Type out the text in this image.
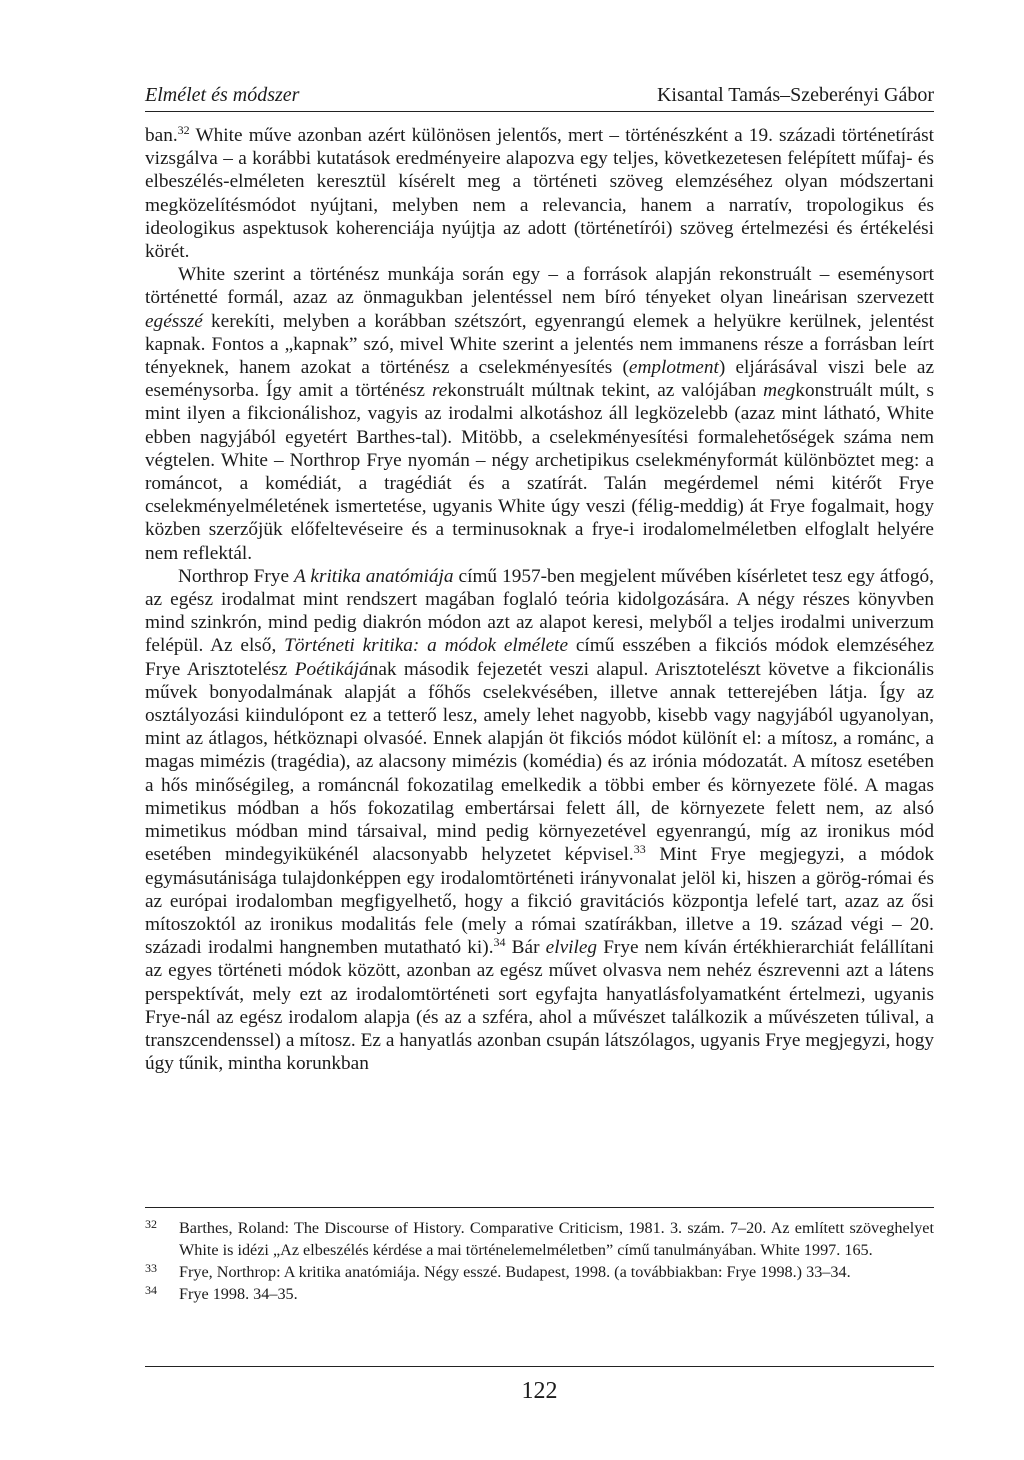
Elmélet és módszer	Kisantal Tamás–Szeberényi Gábor

ban.$^{32}$ White műve azonban azért különösen jelentős, mert – történészként a 19. századi történetírást vizsgálva – a korábbi kutatások eredményeire alapozva egy teljes, következetesen felépített műfaj- és elbeszélés-elméleten keresztül kísérelt meg a történeti szöveg elemzéséhez olyan módszertani megközelítésmódot nyújtani, melyben nem a relevancia, hanem a narratív, tropologikus és ideologikus aspektusok koherenciája nyújtja az adott (történetírói) szöveg értelmezési és értékelési körét.

White szerint a történész munkája során egy – a források alapján rekonstruált – eseménysort történetté formál, azaz az önmagukban jelentéssel nem bíró tényeket olyan lineárisan szervezett egésszé kerekíti, melyben a korábban szétszórt, egyenrangú elemek a helyükre kerülnek, jelentést kapnak. Fontos a „kapnak” szó, mivel White szerint a jelentés nem immanens része a forrásban leírt tényeknek, hanem azokat a történész a cselekményesítés (emplotment) eljárásával viszi bele az eseménysorba. Így amit a történész rekonstruált múltnak tekint, az valójában megkonstruált múlt, s mint ilyen a fikcionálishoz, vagyis az irodalmi alkotáshoz áll legközelebb (azaz mint látható, White ebben nagyjából egyetért Barthes-tal). Mitöbb, a cselekményesítési formalehetőségek száma nem végtelen. White – Northrop Frye nyomán – négy archetipikus cselekményformát különböztet meg: a románcot, a komédiát, a tragédiát és a szatírát. Talán megérdemel némi kitérőt Frye cselekményelméletének ismertetése, ugyanis White úgy veszi (félig-meddig) át Frye fogalmait, hogy közben szerzőjük előfeltevéseire és a terminusoknak a frye-i irodalomelméletben elfoglalt helyére nem reflektál.

Northrop Frye A kritika anatómiája című 1957-ben megjelent művében kísérletet tesz egy átfogó, az egész irodalmat mint rendszert magában foglaló teória kidolgozására. A négy részes könyvben mind szinkrón, mind pedig diakrón módon azt az alapot keresi, melyből a teljes irodalmi univerzum felépül. Az első, Történeti kritika: a módok elmélete című esszében a fikciós módok elemzéséhez Frye Arisztotelész Poétikájának második fejezetét veszi alapul. Arisztotelészt követve a fikcionális művek bonyodalmának alapját a főhős cselekvésében, illetve annak tetterejében látja. Így az osztályozási kiindulópont ez a tetterő lesz, amely lehet nagyobb, kisebb vagy nagyjából ugyanolyan, mint az átlagos, hétköznapi olvasóé. Ennek alapján öt fikciós módot különít el: a mítosz, a románc, a magas mimézis (tragédia), az alacsony mimézis (komédia) és az irónia módozatát. A mítosz esetében a hős minőségileg, a románcnál fokozatilag emelkedik a többi ember és környezete fölé. A magas mimetikus módban a hős fokozatilag embertársai felett áll, de környezete felett nem, az alsó mimetikus módban mind társaival, mind pedig környezetével egyenrangú, míg az ironikus mód esetében mindegyikükénél alacsonyabb helyzetet képvisel.$^{33}$ Mint Frye megjegyzi, a módok egymásutánisága tulajdonképpen egy irodalomtörténeti irányvonalat jelöl ki, hiszen a görög-római és az európai irodalomban megfigyelhető, hogy a fikció gravitációs központja lefelé tart, azaz az ősi mítoszoktól az ironikus modalitás fele (mely a római szatírákban, illetve a 19. század végi – 20. századi irodalmi hangnemben mutatható ki).$^{34}$ Bár elvileg Frye nem kíván értékhierarchiát felállítani az egyes történeti módok között, azonban az egész művet olvasva nem nehéz észrevenni azt a látens perspektívát, mely ezt az irodalomtörténeti sort egyfajta hanyatlásfolyamatként értelmezi, ugyanis Frye-nál az egész irodalom alapja (és az a szféra, ahol a művészet találkozik a művészeten túlival, a transzcendenssel) a mítosz. Ez a hanyatlás azonban csupán látszólagos, ugyanis Frye megjegyzi, hogy úgy tűnik, mintha korunkban

32 Barthes, Roland: The Discourse of History. Comparative Criticism, 1981. 3. szám. 7–20. Az említett szöveghelyet White is idézi „Az elbeszélés kérdése a mai történelemelméletben” című tanulmányában. White 1997. 165.
33 Frye, Northrop: A kritika anatómiája. Négy esszé. Budapest, 1998. (a továbbiakban: Frye 1998.) 33–34.
34 Frye 1998. 34–35.
122
